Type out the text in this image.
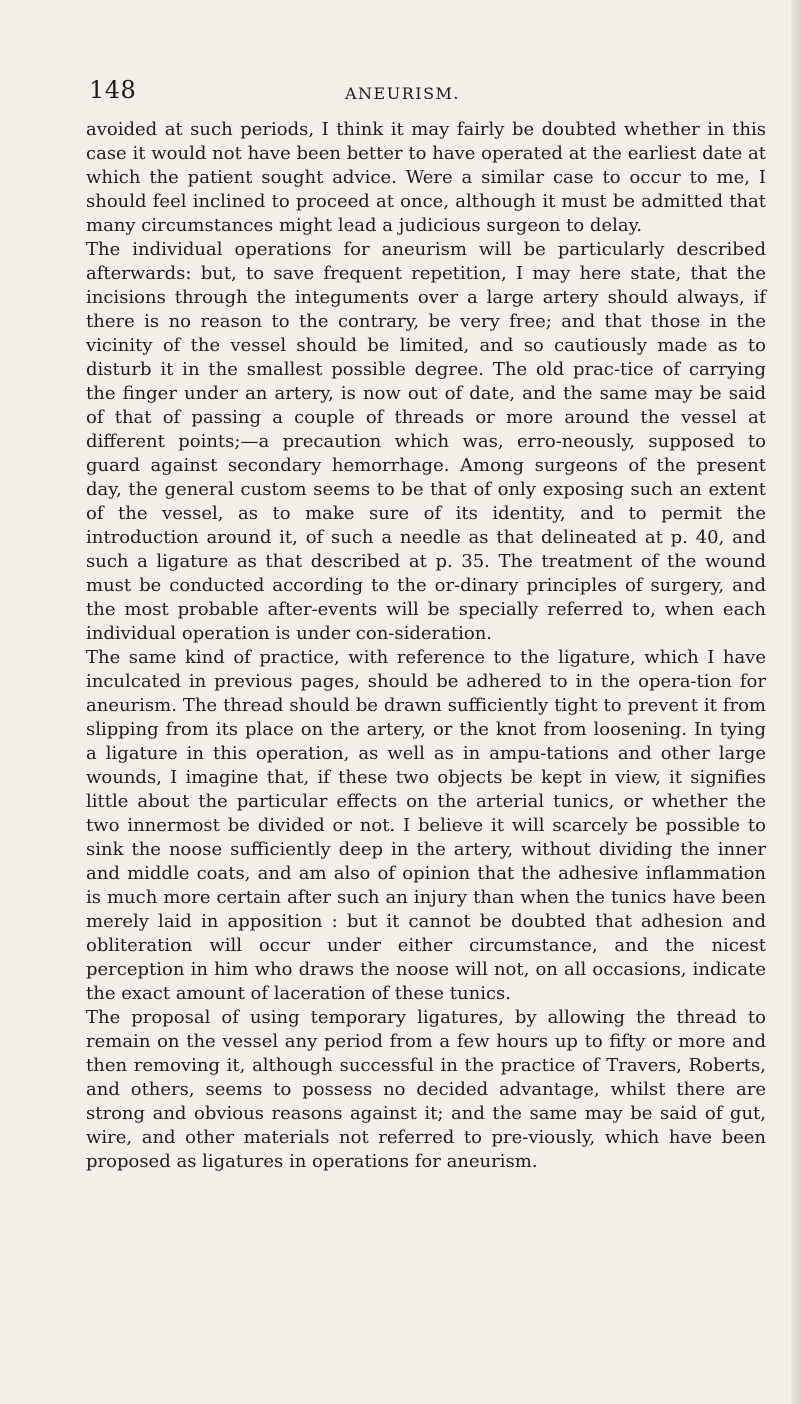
148	ANEURISM.

avoided at such periods, I think it may fairly be doubted whether in this case it would not have been better to have operated at the earliest date at which the patient sought advice. Were a similar case to occur to me, I should feel inclined to proceed at once, although it must be admitted that many circumstances might lead a judicious surgeon to delay.

The individual operations for aneurism will be particularly described afterwards: but, to save frequent repetition, I may here state, that the incisions through the integuments over a large artery should always, if there is no reason to the contrary, be very free; and that those in the vicinity of the vessel should be limited, and so cautiously made as to disturb it in the smallest possible degree. The old prac-tice of carrying the finger under an artery, is now out of date, and the same may be said of that of passing a couple of threads or more around the vessel at different points;—a precaution which was, erro-neously, supposed to guard against secondary hemorrhage. Among surgeons of the present day, the general custom seems to be that of only exposing such an extent of the vessel, as to make sure of its identity, and to permit the introduction around it, of such a needle as that delineated at p. 40, and such a ligature as that described at p. 35. The treatment of the wound must be conducted according to the or-dinary principles of surgery, and the most probable after-events will be specially referred to, when each individual operation is under con-sideration.

The same kind of practice, with reference to the ligature, which I have inculcated in previous pages, should be adhered to in the opera-tion for aneurism. The thread should be drawn sufficiently tight to prevent it from slipping from its place on the artery, or the knot from loosening. In tying a ligature in this operation, as well as in ampu-tations and other large wounds, I imagine that, if these two objects be kept in view, it signifies little about the particular effects on the arterial tunics, or whether the two innermost be divided or not. I believe it will scarcely be possible to sink the noose sufficiently deep in the artery, without dividing the inner and middle coats, and am also of opinion that the adhesive inflammation is much more certain after such an injury than when the tunics have been merely laid in apposition : but it cannot be doubted that adhesion and obliteration will occur under either circumstance, and the nicest perception in him who draws the noose will not, on all occasions, indicate the exact amount of laceration of these tunics.

The proposal of using temporary ligatures, by allowing the thread to remain on the vessel any period from a few hours up to fifty or more and then removing it, although successful in the practice of Travers, Roberts, and others, seems to possess no decided advantage, whilst there are strong and obvious reasons against it; and the same may be said of gut, wire, and other materials not referred to pre-viously, which have been proposed as ligatures in operations for aneurism.
